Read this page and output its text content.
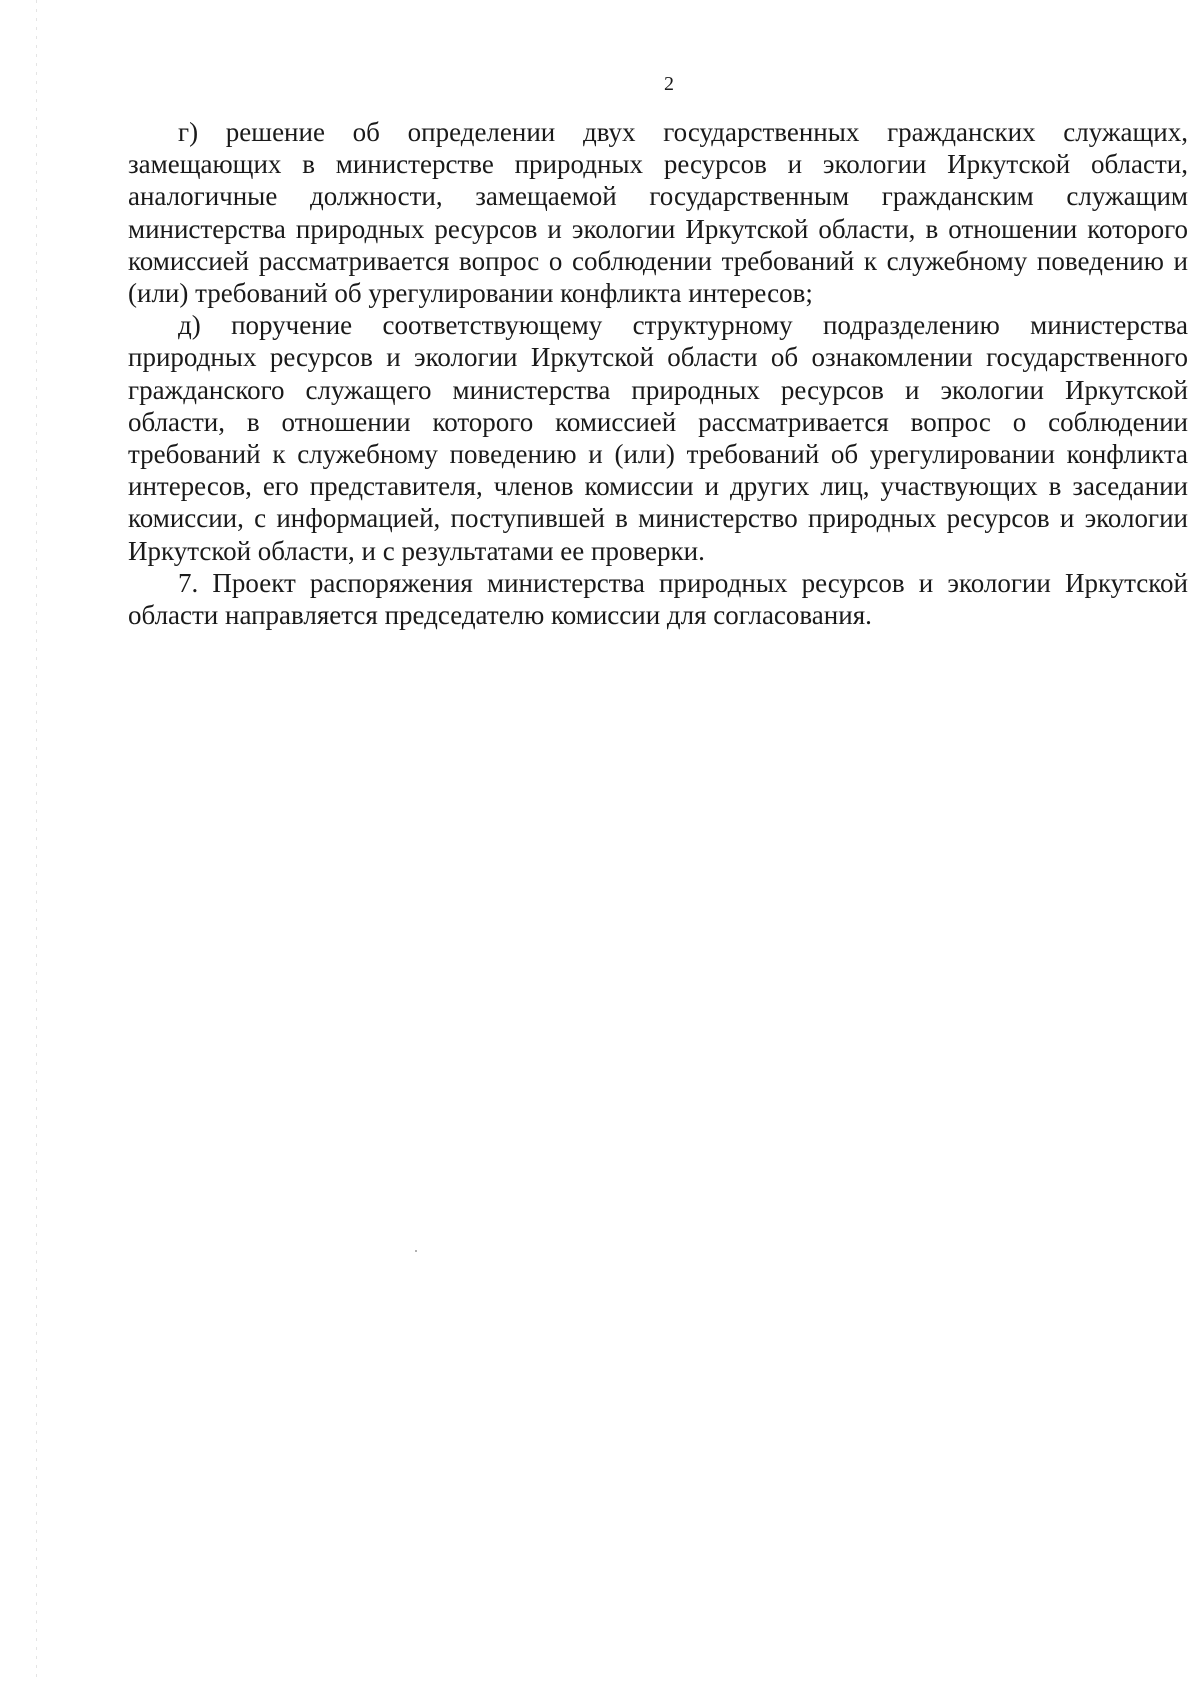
2

г) решение об определении двух государственных гражданских служащих, замещающих в министерстве природных ресурсов и экологии Иркутской области, аналогичные должности, замещаемой государственным гражданским служащим министерства природных ресурсов и экологии Иркутской области, в отношении которого комиссией рассматривается вопрос о соблюдении требований к служебному поведению и (или) требований об урегулировании конфликта интересов;

д) поручение соответствующему структурному подразделению министерства природных ресурсов и экологии Иркутской области об ознакомлении государственного гражданского служащего министерства природных ресурсов и экологии Иркутской области, в отношении которого комиссией рассматривается вопрос о соблюдении требований к служебному поведению и (или) требований об урегулировании конфликта интересов, его представителя, членов комиссии и других лиц, участвующих в заседании комиссии, с информацией, поступившей в министерство природных ресурсов и экологии Иркутской области, и с результатами ее проверки.

7. Проект распоряжения министерства природных ресурсов и экологии Иркутской области направляется председателю комиссии для согласования.
